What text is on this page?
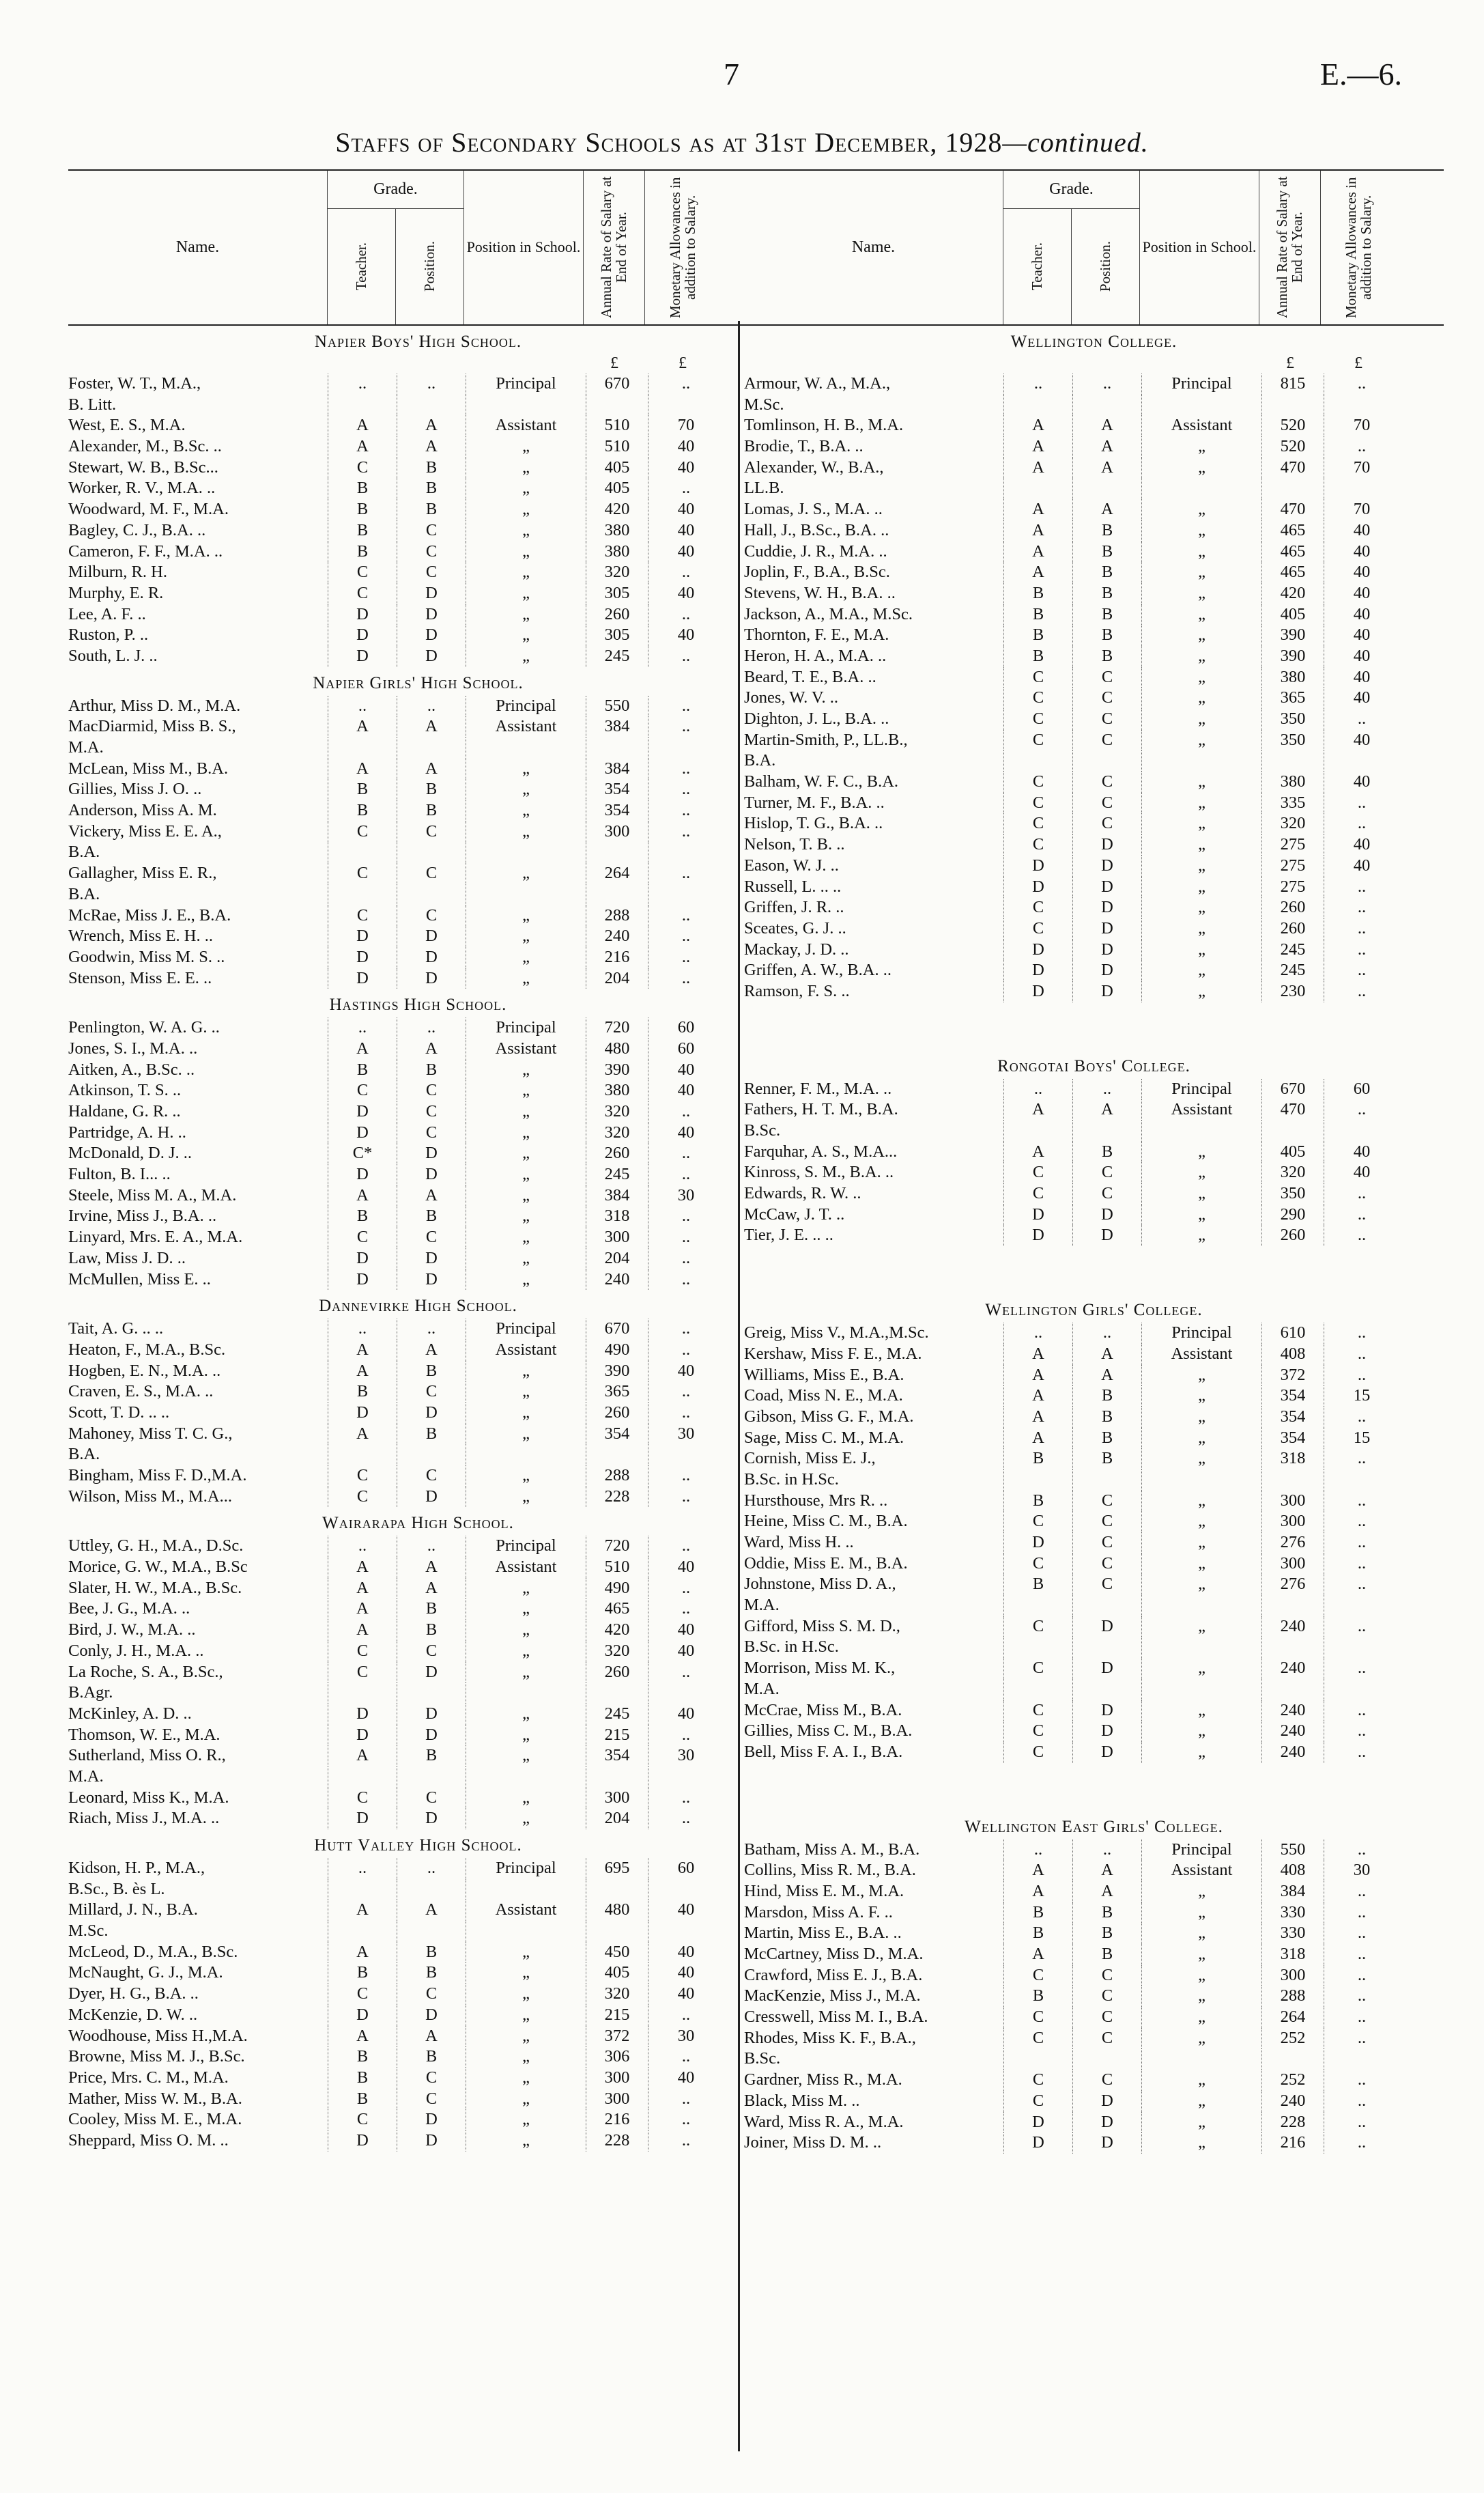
7	E.—6.
Staffs of Secondary Schools as at 31st December, 1928—continued.
Name.
Grade.
Teacher.	Position. Position in School. Annual Rate of Salary at End of Year.	Monetary Allowances in addition to Salary.
Napier Boys' High School.
£	£
Foster, W. T., M.A.,	..	..	Principal	670	..
B. Litt.
West, E. S., M.A.	A	A	Assistant	510	70
Alexander, M., B.Sc. ..	A	A	„	510	40
Stewart, W. B., B.Sc...	C	B	„	405	40
Worker, R. V., M.A. ..	B	B	„	405	..
Woodward, M. F., M.A.	B	B	„	420	40
Bagley, C. J., B.A. ..	B	C	„	380	40
Cameron, F. F., M.A. ..	B	C	„	380	40
Milburn, R. H.	C	C	„	320	..
Murphy, E. R.	C	D	„	305	40
Lee, A. F. ..	D	D	„	260	..
Ruston, P. ..	D	D	„	305	40
South, L. J. ..	D	D	„	245	..
Napier Girls' High School.
Arthur, Miss D. M., M.A.	..	..	Principal	550	..
MacDiarmid, Miss B. S.,	A	A	Assistant	384	..
M.A.
McLean, Miss M., B.A.	A	A	„	384	..
Gillies, Miss J. O. ..	B	B	„	354	..
Anderson, Miss A. M.	B	B	„	354	..
Vickery, Miss E. E. A.,	C	C	„	300	..
B.A.
Gallagher, Miss E. R.,	C	C	„	264	..
B.A.
McRae, Miss J. E., B.A.	C	C	„	288	..
Wrench, Miss E. H. ..	D	D	„	240	..
Goodwin, Miss M. S. ..	D	D	„	216	..
Stenson, Miss E. E. ..	D	D	„	204	..
Hastings High School.
Penlington, W. A. G. ..	..	..	Principal	720	60
Jones, S. I., M.A. ..	A	A	Assistant	480	60
Aitken, A., B.Sc. ..	B	B	„	390	40
Atkinson, T. S. ..	C	C	„	380	40
Haldane, G. R. ..	D	C	„	320	..
Partridge, A. H. ..	D	C	„	320	40
McDonald, D. J. ..	C*	D	„	260	..
Fulton, B. I... ..	D	D	„	245	..
Steele, Miss M. A., M.A.	A	A	„	384	30
Irvine, Miss J., B.A. ..	B	B	„	318	..
Linyard, Mrs. E. A., M.A.	C	C	„	300	..
Law, Miss J. D. ..	D	D	„	204	..
McMullen, Miss E. ..	D	D	„	240	..
Dannevirke High School.
Tait, A. G. .. ..	..	..	Principal	670	..
Heaton, F., M.A., B.Sc.	A	A	Assistant	490	..
Hogben, E. N., M.A. ..	A	B	„	390	40
Craven, E. S., M.A. ..	B	C	„	365	..
Scott, T. D. .. ..	D	D	„	260	..
Mahoney, Miss T. C. G.,	A	B	„	354	30
B.A.
Bingham, Miss F. D.,M.A.	C	C	„	288	..
Wilson, Miss M., M.A...	C	D	„	228	..
Wairarapa High School.
Uttley, G. H., M.A., D.Sc.	..	..	Principal	720	..
Morice, G. W., M.A., B.Sc	A	A	Assistant	510	40
Slater, H. W., M.A., B.Sc.	A	A	„	490	..
Bee, J. G., M.A. ..	A	B	„	465	..
Bird, J. W., M.A. ..	A	B	„	420	40
Conly, J. H., M.A. ..	C	C	„	320	40
La Roche, S. A., B.Sc.,	C	D	„	260	..
B.Agr.
McKinley, A. D. ..	D	D	„	245	40
Thomson, W. E., M.A.	D	D	„	215	..
Sutherland, Miss O. R.,	A	B	„	354	30
M.A.
Leonard, Miss K., M.A.	C	C	„	300	..
Riach, Miss J., M.A. ..	D	D	„	204	..
Hutt Valley High School.
Kidson, H. P., M.A.,	..	..	Principal	695	60
B.Sc., B. ès L.
Millard, J. N., B.A.	A	A	Assistant	480	40
M.Sc.
McLeod, D., M.A., B.Sc.	A	B	„	450	40
McNaught, G. J., M.A.	B	B	„	405	40
Dyer, H. G., B.A. ..	C	C	„	320	40
McKenzie, D. W. ..	D	D	„	215	..
Woodhouse, Miss H.,M.A.	A	A	„	372	30
Browne, Miss M. J., B.Sc.	B	B	„	306	..
Price, Mrs. C. M., M.A.	B	C	„	300	40
Mather, Miss W. M., B.A.	B	C	„	300	..
Cooley, Miss M. E., M.A.	C	D	„	216	..
Sheppard, Miss O. M. ..	D	D	„	228	..
Name.
Grade.
Teacher.	Position. Position in School. Annual Rate of Salary at End of Year.	Monetary Allowances in addition to Salary.
Wellington College.
£	£
Armour, W. A., M.A.,	..	..	Principal	815	..
M.Sc.
Tomlinson, H. B., M.A.	A	A	Assistant	520	70
Brodie, T., B.A. ..	A	A	„	520	..
Alexander, W., B.A.,	A	A	„	470	70
LL.B.
Lomas, J. S., M.A. ..	A	A	„	470	70
Hall, J., B.Sc., B.A. ..	A	B	„	465	40
Cuddie, J. R., M.A. ..	A	B	„	465	40
Joplin, F., B.A., B.Sc.	A	B	„	465	40
Stevens, W. H., B.A. ..	B	B	„	420	40
Jackson, A., M.A., M.Sc.	B	B	„	405	40
Thornton, F. E., M.A.	B	B	„	390	40
Heron, H. A., M.A. ..	B	B	„	390	40
Beard, T. E., B.A. ..	C	C	„	380	40
Jones, W. V. ..	C	C	„	365	40
Dighton, J. L., B.A. ..	C	C	„	350	..
Martin-Smith, P., LL.B.,	C	C	„	350	40
B.A.
Balham, W. F. C., B.A.	C	C	„	380	40
Turner, M. F., B.A. ..	C	C	„	335	..
Hislop, T. G., B.A. ..	C	C	„	320	..
Nelson, T. B. ..	C	D	„	275	40
Eason, W. J. ..	D	D	„	275	40
Russell, L. .. ..	D	D	„	275	..
Griffen, J. R. ..	C	D	„	260	..
Sceates, G. J. ..	C	D	„	260	..
Mackay, J. D. ..	D	D	„	245	..
Griffen, A. W., B.A. ..	D	D	„	245	..
Ramson, F. S. ..	D	D	„	230	..
Rongotai Boys' College.
Renner, F. M., M.A. ..	..	..	Principal	670	60
Fathers, H. T. M., B.A.	A	A	Assistant	470	..
B.Sc.
Farquhar, A. S., M.A...	A	B	„	405	40
Kinross, S. M., B.A. ..	C	C	„	320	40
Edwards, R. W. ..	C	C	„	350	..
McCaw, J. T. ..	D	D	„	290	..
Tier, J. E. .. ..	D	D	„	260	..
Wellington Girls' College.
Greig, Miss V., M.A.,M.Sc.	..	..	Principal	610	..
Kershaw, Miss F. E., M.A.	A	A	Assistant	408	..
Williams, Miss E., B.A.	A	A	„	372	..
Coad, Miss N. E., M.A.	A	B	„	354	15
Gibson, Miss G. F., M.A.	A	B	„	354	..
Sage, Miss C. M., M.A.	A	B	„	354	15
Cornish, Miss E. J.,	B	B	„	318	..
B.Sc. in H.Sc.
Hursthouse, Mrs R. ..	B	C	„	300	..
Heine, Miss C. M., B.A.	C	C	„	300	..
Ward, Miss H. ..	D	C	„	276	..
Oddie, Miss E. M., B.A.	C	C	„	300	..
Johnstone, Miss D. A.,	B	C	„	276	..
M.A.
Gifford, Miss S. M. D.,	C	D	„	240	..
B.Sc. in H.Sc.
Morrison, Miss M. K.,	C	D	„	240	..
M.A.
McCrae, Miss M., B.A.	C	D	„	240	..
Gillies, Miss C. M., B.A.	C	D	„	240	..
Bell, Miss F. A. I., B.A.	C	D	„	240	..
Wellington East Girls' College.
Batham, Miss A. M., B.A.	..	..	Principal	550	..
Collins, Miss R. M., B.A.	A	A	Assistant	408	30
Hind, Miss E. M., M.A.	A	A	„	384	..
Marsdon, Miss A. F. ..	B	B	„	330	..
Martin, Miss E., B.A. ..	B	B	„	330	..
McCartney, Miss D., M.A.	A	B	„	318	..
Crawford, Miss E. J., B.A.	C	C	„	300	..
MacKenzie, Miss J., M.A.	B	C	„	288	..
Cresswell, Miss M. I., B.A.	C	C	„	264	..
Rhodes, Miss K. F., B.A.,	C	C	„	252	..
B.Sc.
Gardner, Miss R., M.A.	C	C	„	252	..
Black, Miss M. ..	C	D	„	240	..
Ward, Miss R. A., M.A.	D	D	„	228	..
Joiner, Miss D. M. ..	D	D	„	216	..
